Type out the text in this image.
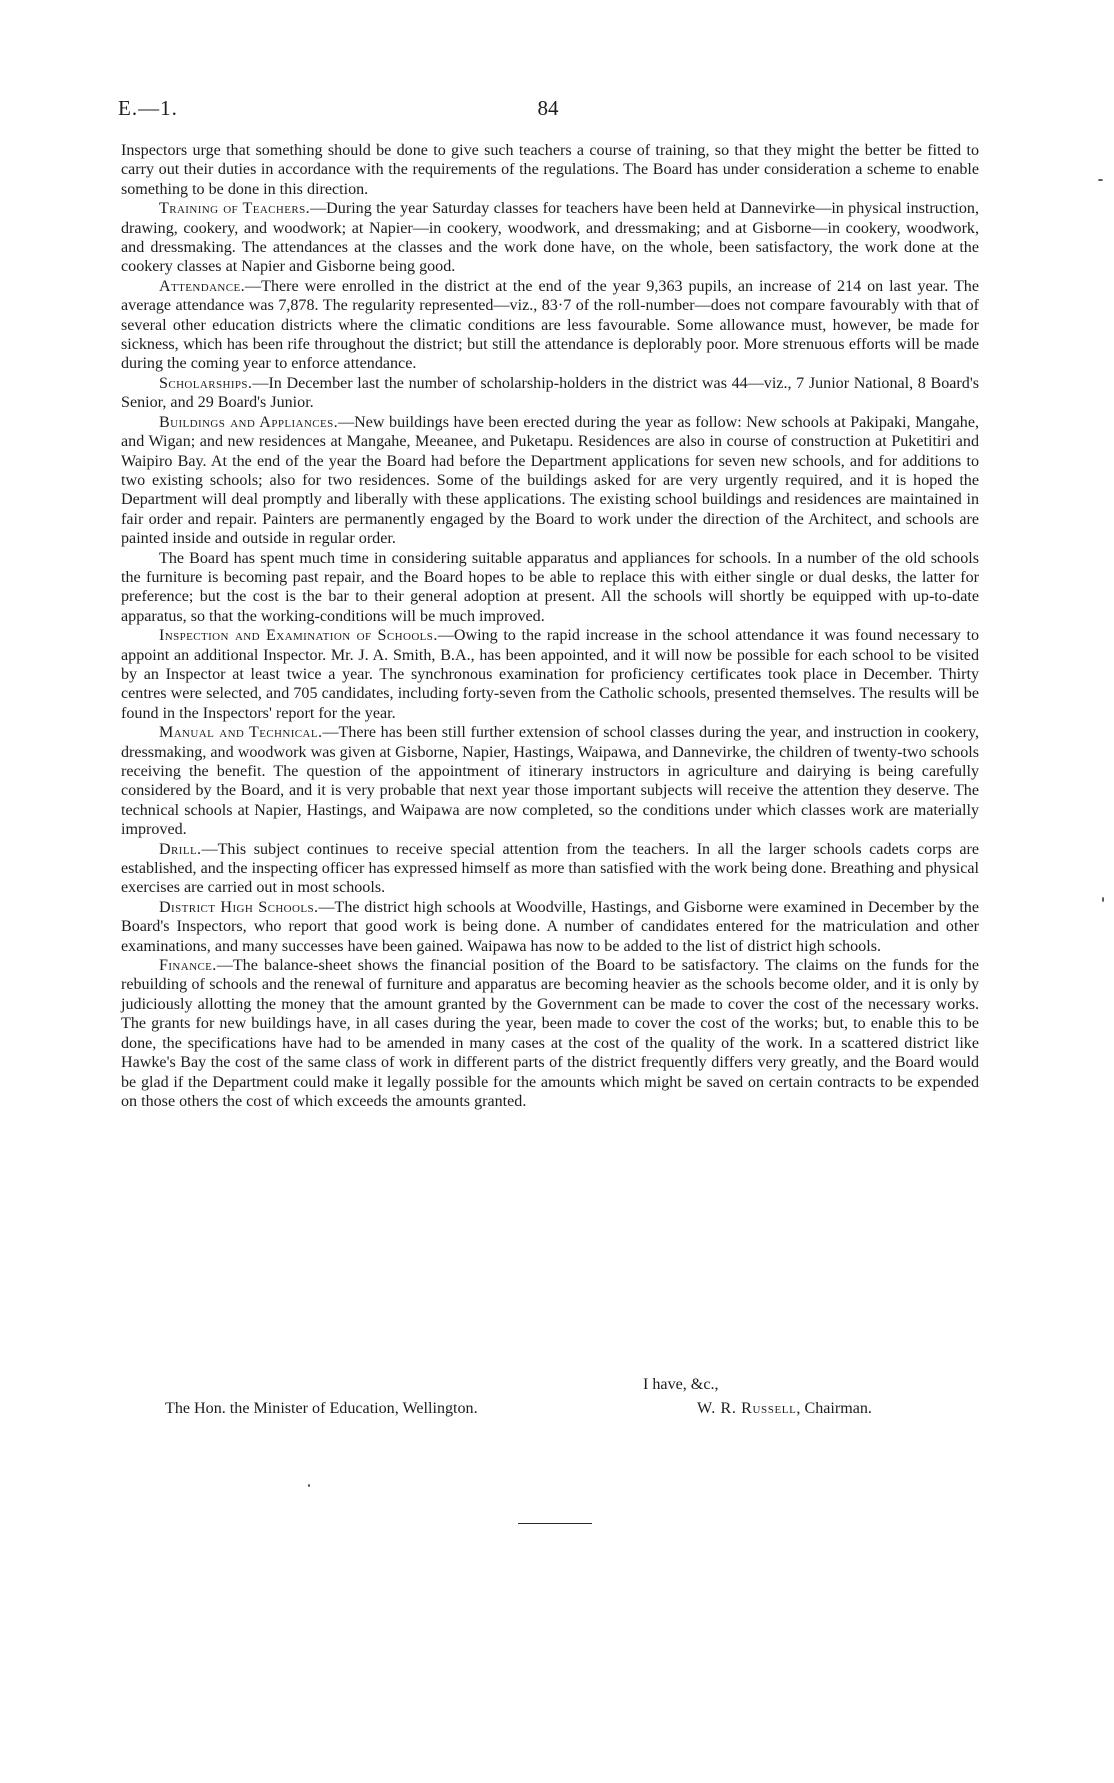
E.—1.	84

Inspectors urge that something should be done to give such teachers a course of training, so that they might the better be fitted to carry out their duties in accordance with the requirements of the regulations. The Board has under consideration a scheme to enable something to be done in this direction.

Training of Teachers.—During the year Saturday classes for teachers have been held at Dannevirke—in physical instruction, drawing, cookery, and woodwork; at Napier—in cookery, woodwork, and dressmaking; and at Gisborne—in cookery, woodwork, and dressmaking. The attendances at the classes and the work done have, on the whole, been satisfactory, the work done at the cookery classes at Napier and Gisborne being good.

Attendance.—There were enrolled in the district at the end of the year 9,363 pupils, an increase of 214 on last year. The average attendance was 7,878. The regularity represented—viz., 83·7 of the roll-number—does not compare favourably with that of several other education districts where the climatic conditions are less favourable. Some allowance must, however, be made for sickness, which has been rife throughout the district; but still the attendance is deplorably poor. More strenuous efforts will be made during the coming year to enforce attendance.

Scholarships.—In December last the number of scholarship-holders in the district was 44—viz., 7 Junior National, 8 Board's Senior, and 29 Board's Junior.

Buildings and Appliances.—New buildings have been erected during the year as follow: New schools at Pakipaki, Mangahe, and Wigan; and new residences at Mangahe, Meeanee, and Puketapu. Residences are also in course of construction at Puketitiri and Waipiro Bay. At the end of the year the Board had before the Department applications for seven new schools, and for additions to two existing schools; also for two residences. Some of the buildings asked for are very urgently required, and it is hoped the Department will deal promptly and liberally with these applications. The existing school buildings and residences are maintained in fair order and repair. Painters are permanently engaged by the Board to work under the direction of the Architect, and schools are painted inside and outside in regular order.

The Board has spent much time in considering suitable apparatus and appliances for schools. In a number of the old schools the furniture is becoming past repair, and the Board hopes to be able to replace this with either single or dual desks, the latter for preference; but the cost is the bar to their general adoption at present. All the schools will shortly be equipped with up-to-date apparatus, so that the working-conditions will be much improved.

Inspection and Examination of Schools.—Owing to the rapid increase in the school attendance it was found necessary to appoint an additional Inspector. Mr. J. A. Smith, B.A., has been appointed, and it will now be possible for each school to be visited by an Inspector at least twice a year. The synchronous examination for proficiency certificates took place in December. Thirty centres were selected, and 705 candidates, including forty-seven from the Catholic schools, presented themselves. The results will be found in the Inspectors' report for the year.

Manual and Technical.—There has been still further extension of school classes during the year, and instruction in cookery, dressmaking, and woodwork was given at Gisborne, Napier, Hastings, Waipawa, and Dannevirke, the children of twenty-two schools receiving the benefit. The question of the appointment of itinerary instructors in agriculture and dairying is being carefully considered by the Board, and it is very probable that next year those important subjects will receive the attention they deserve. The technical schools at Napier, Hastings, and Waipawa are now completed, so the conditions under which classes work are materially improved.

Drill.—This subject continues to receive special attention from the teachers. In all the larger schools cadets corps are established, and the inspecting officer has expressed himself as more than satisfied with the work being done. Breathing and physical exercises are carried out in most schools.

District High Schools.—The district high schools at Woodville, Hastings, and Gisborne were examined in December by the Board's Inspectors, who report that good work is being done. A number of candidates entered for the matriculation and other examinations, and many successes have been gained. Waipawa has now to be added to the list of district high schools.

Finance.—The balance-sheet shows the financial position of the Board to be satisfactory. The claims on the funds for the rebuilding of schools and the renewal of furniture and apparatus are becoming heavier as the schools become older, and it is only by judiciously allotting the money that the amount granted by the Government can be made to cover the cost of the necessary works. The grants for new buildings have, in all cases during the year, been made to cover the cost of the works; but, to enable this to be done, the specifications have had to be amended in many cases at the cost of the quality of the work. In a scattered district like Hawke's Bay the cost of the same class of work in different parts of the district frequently differs very greatly, and the Board would be glad if the Department could make it legally possible for the amounts which might be saved on certain contracts to be expended on those others the cost of which exceeds the amounts granted.

I have, &c.,
The Hon. the Minister of Education, Wellington.	W. R. Russell, Chairman.
